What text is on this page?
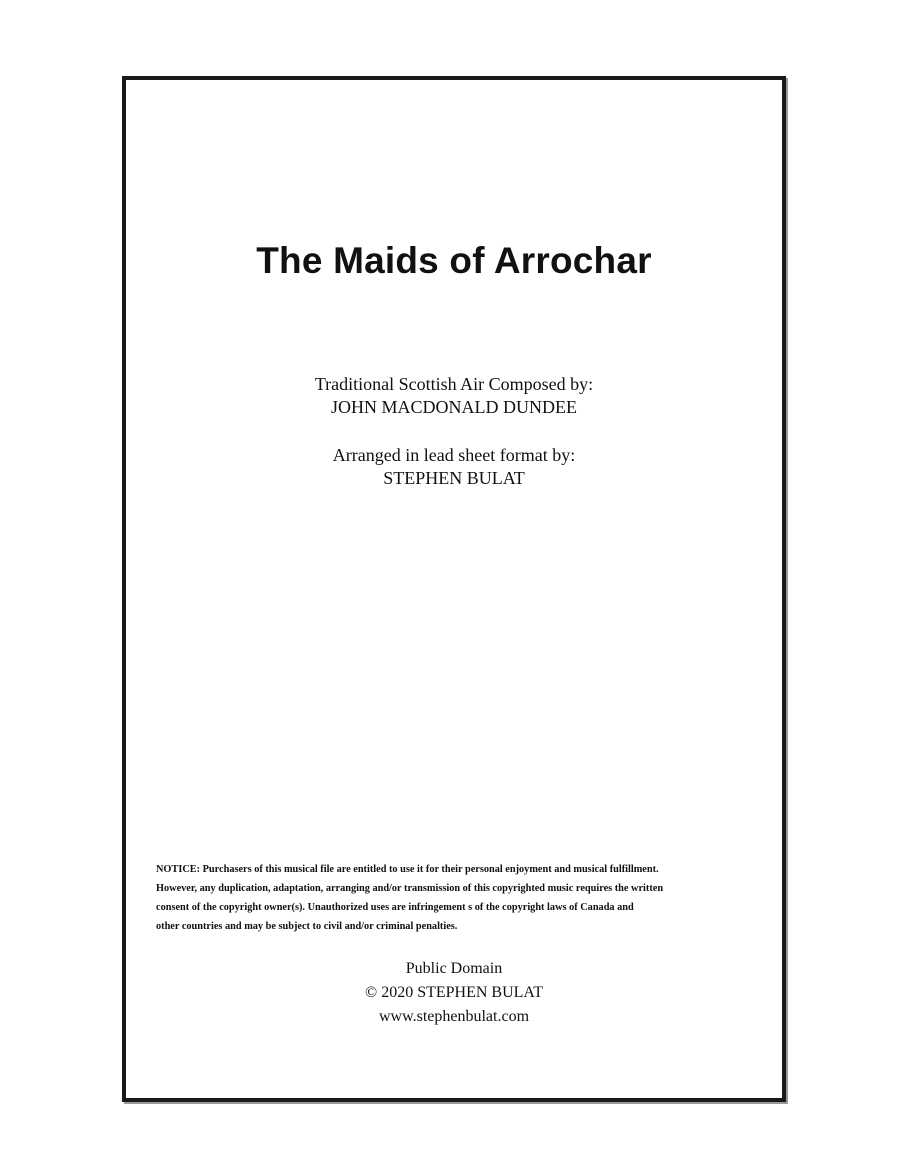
The Maids of Arrochar
Traditional Scottish Air Composed by:
JOHN MACDONALD DUNDEE
Arranged in lead sheet format by:
STEPHEN BULAT
NOTICE: Purchasers of this musical file are entitled to use it for their personal enjoyment and musical fulfillment.
However, any duplication, adaptation, arranging and/or transmission of this copyrighted music requires the written
consent of the copyright owner(s). Unauthorized uses are infringement s of the copyright laws of Canada and
other countries and may be subject to civil and/or criminal penalties.
Public Domain
© 2020 STEPHEN BULAT
www.stephenbulat.com
